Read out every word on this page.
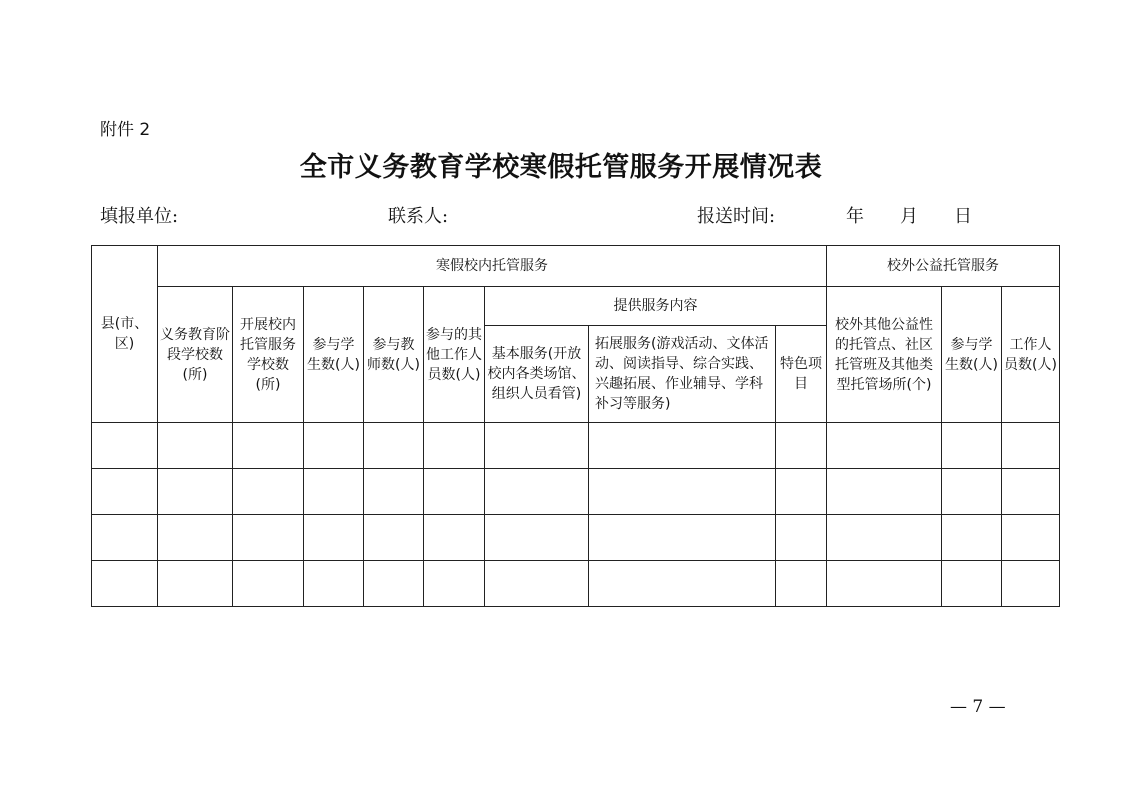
附件 2
全市义务教育学校寒假托管服务开展情况表
填报单位:	联系人:	报送时间:	年 月 日
县(市、区)	寒假校内托管服务								校外公益托管服务		
	义务教育阶段学校数(所)	开展校内托管服务学校数(所)	参与学生数(人)	参与教师数(人)	参与的其他工作人员数(人)	提供服务内容			校外其他公益性的托管点、社区托管班及其他类型托管场所(个)	参与学生数(人)	工作人员数(人)
						基本服务(开放校内各类场馆、组织人员看管)	拓展服务(游戏活动、文体活动、阅读指导、综合实践、兴趣拓展、作业辅导、学科补习等服务)	特色项目			

— 7 —
